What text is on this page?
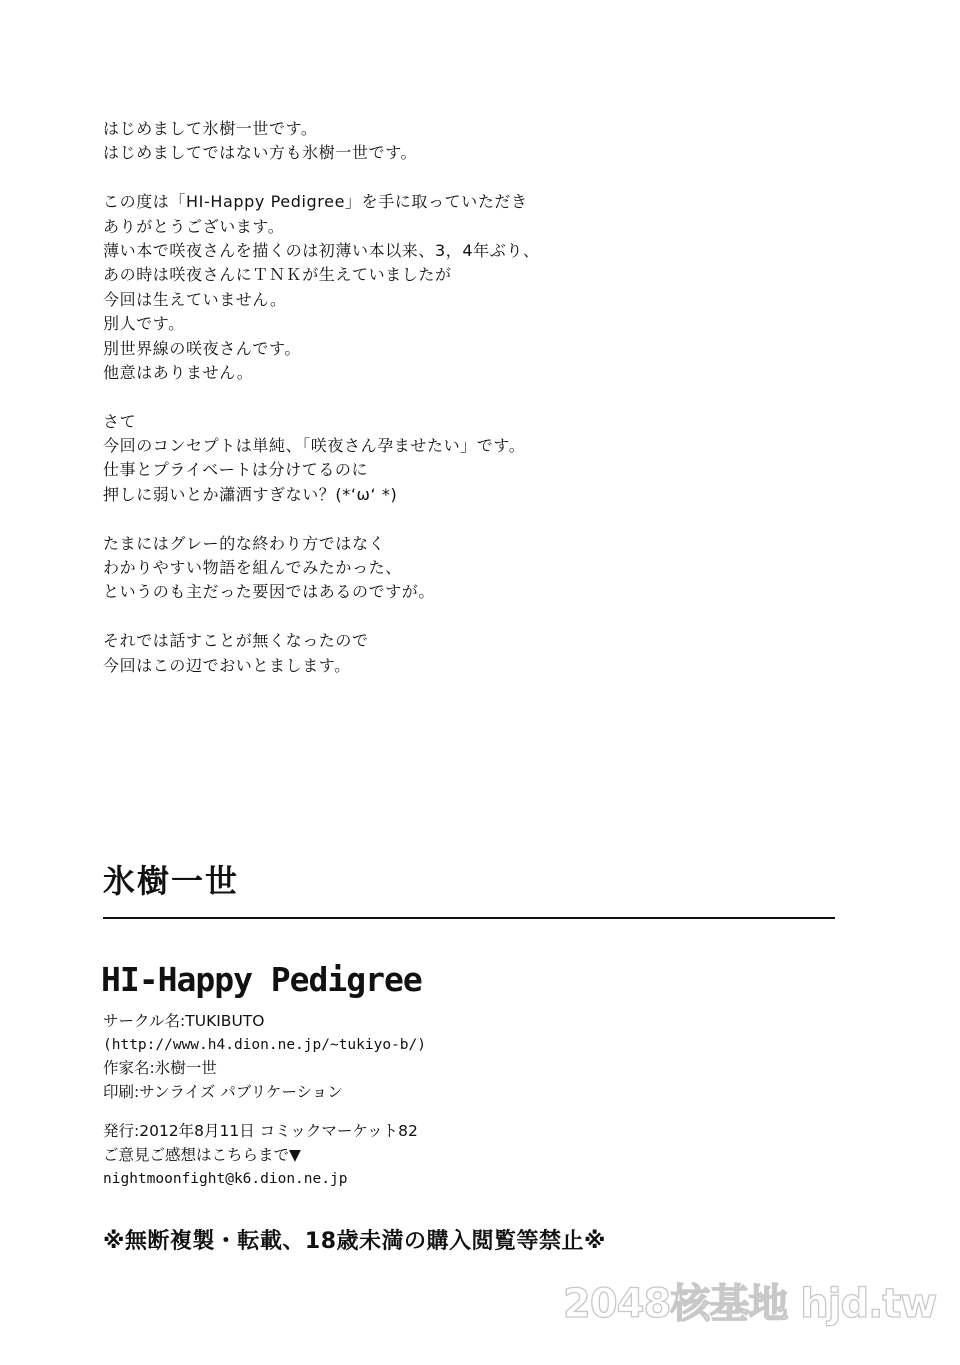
はじめまして氷樹一世です。
はじめましてではない方も氷樹一世です。
この度は「HI-Happy Pedigree」を手に取っていただき
ありがとうございます。
薄い本で咲夜さんを描くのは初薄い本以来、3，4年ぶり、
あの時は咲夜さんにＴＮＫが生えていましたが
今回は生えていません。
別人です。
別世界線の咲夜さんです。
他意はありません。
さて
今回のコンセプトは単純、「咲夜さん孕ませたい」です。
仕事とプライベートは分けてるのに
押しに弱いとか瀟洒すぎない？(*‘ω‘ *)
たまにはグレー的な終わり方ではなく
わかりやすい物語を組んでみたかった、
というのも主だった要因ではあるのですが。
それでは話すことが無くなったので
今回はこの辺でおいとまします。
氷樹一世
HI-Happy Pedigree
サークル名:TUKIBUTO
(http://www.h4.dion.ne.jp/~tukiyo-b/)
作家名:氷樹一世
印刷:サンライズ パブリケーション
発行:2012年8月11日 コミックマーケット82
ご意見ご感想はこちらまで▼
nightmoonfight@k6.dion.ne.jp
※無断複製・転載、18歳未満の購入閲覧等禁止※
2048核基地 hjd.tw
